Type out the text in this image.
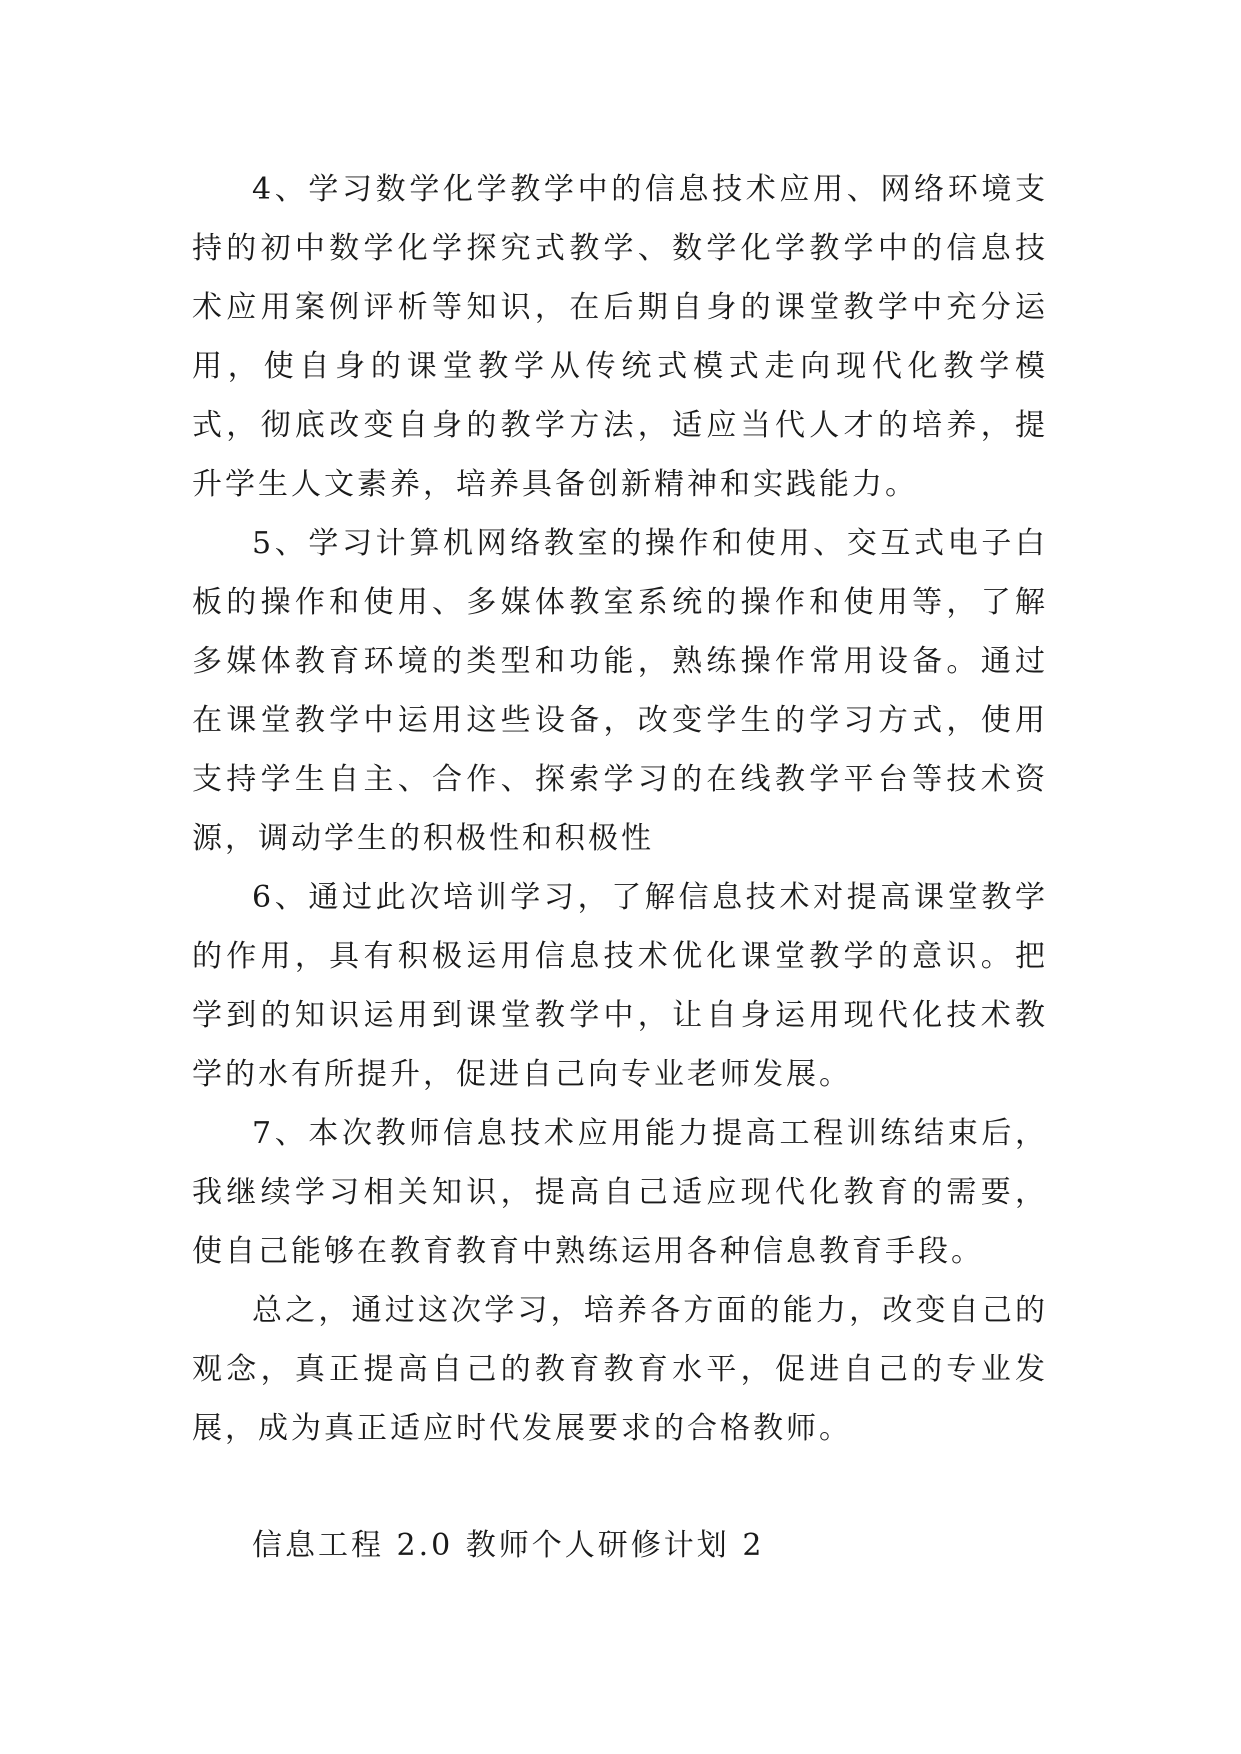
4、学习数学化学教学中的信息技术应用、网络环境支持的初中数学化学探究式教学、数学化学教学中的信息技术应用案例评析等知识，在后期自身的课堂教学中充分运用，使自身的课堂教学从传统式模式走向现代化教学模式，彻底改变自身的教学方法，适应当代人才的培养，提升学生人文素养，培养具备创新精神和实践能力。

5、学习计算机网络教室的操作和使用、交互式电子白板的操作和使用、多媒体教室系统的操作和使用等，了解多媒体教育环境的类型和功能，熟练操作常用设备。通过在课堂教学中运用这些设备，改变学生的学习方式，使用支持学生自主、合作、探索学习的在线教学平台等技术资源，调动学生的积极性和积极性

6、通过此次培训学习，了解信息技术对提高课堂教学的作用，具有积极运用信息技术优化课堂教学的意识。把学到的知识运用到课堂教学中，让自身运用现代化技术教学的水有所提升，促进自己向专业老师发展。

7、本次教师信息技术应用能力提高工程训练结束后，我继续学习相关知识，提高自己适应现代化教育的需要，使自己能够在教育教育中熟练运用各种信息教育手段。

总之，通过这次学习，培养各方面的能力，改变自己的观念，真正提高自己的教育教育水平，促进自己的专业发展，成为真正适应时代发展要求的合格教师。

信息工程 2.0 教师个人研修计划 2
